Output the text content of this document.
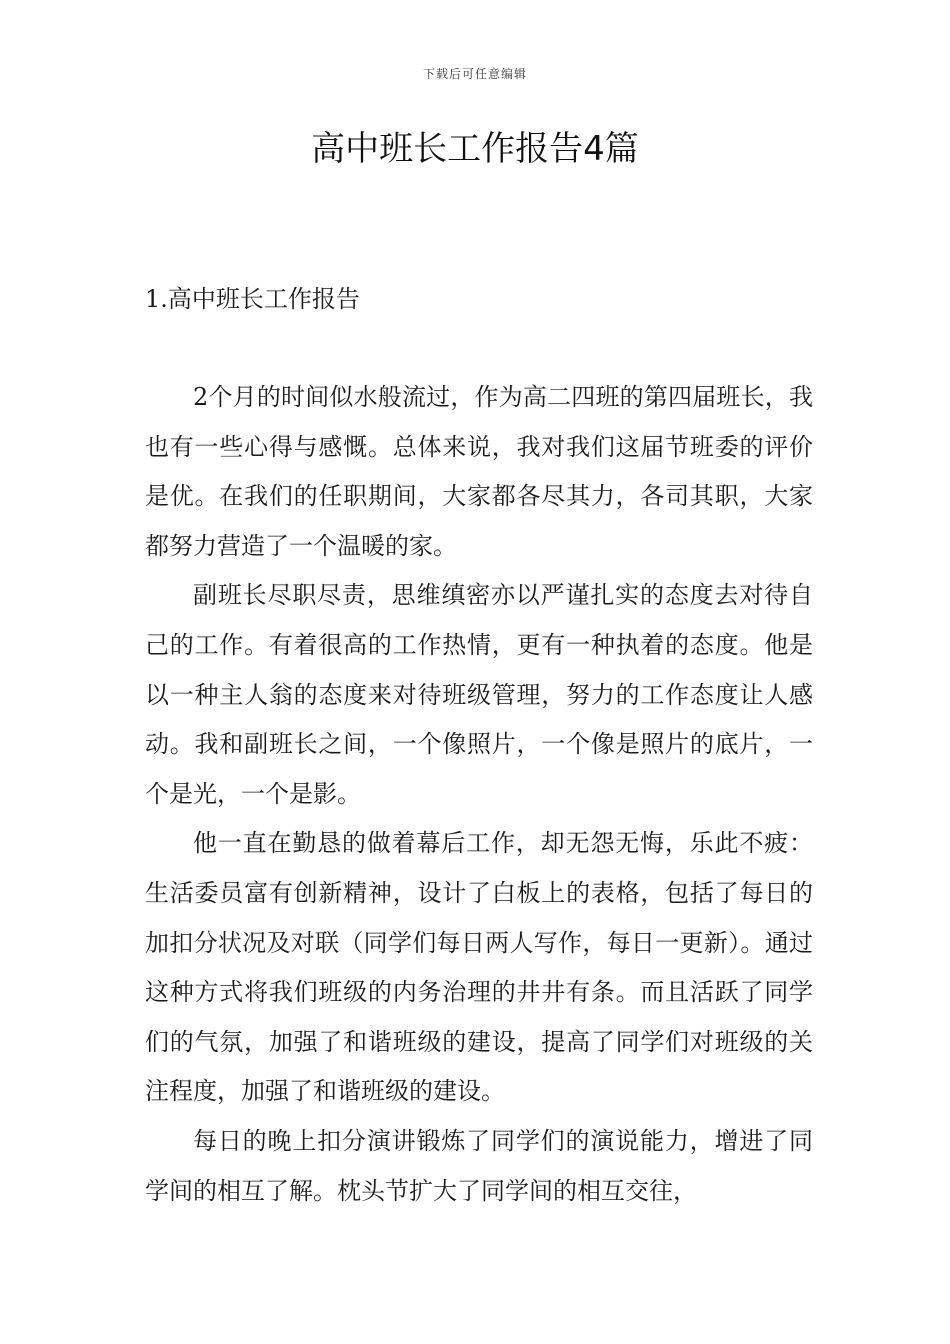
下载后可任意编辑
高中班长工作报告4篇
1.高中班长工作报告

2个月的时间似水般流过，作为高二四班的第四届班长，我也有一些心得与感慨。总体来说，我对我们这届节班委的评价是优。在我们的任职期间，大家都各尽其力，各司其职，大家都努力营造了一个温暖的家。

副班长尽职尽责，思维缜密亦以严谨扎实的态度去对待自己的工作。有着很高的工作热情，更有一种执着的态度。他是以一种主人翁的态度来对待班级管理，努力的工作态度让人感动。我和副班长之间，一个像照片，一个像是照片的底片，一个是光，一个是影。

他一直在勤恳的做着幕后工作，却无怨无悔，乐此不疲：生活委员富有创新精神，设计了白板上的表格，包括了每日的加扣分状况及对联（同学们每日两人写作，每日一更新）。通过这种方式将我们班级的内务治理的井井有条。而且活跃了同学们的气氛，加强了和谐班级的建设，提高了同学们对班级的关注程度，加强了和谐班级的建设。

每日的晚上扣分演讲锻炼了同学们的演说能力，增进了同学间的相互了解。枕头节扩大了同学间的相互交往，
